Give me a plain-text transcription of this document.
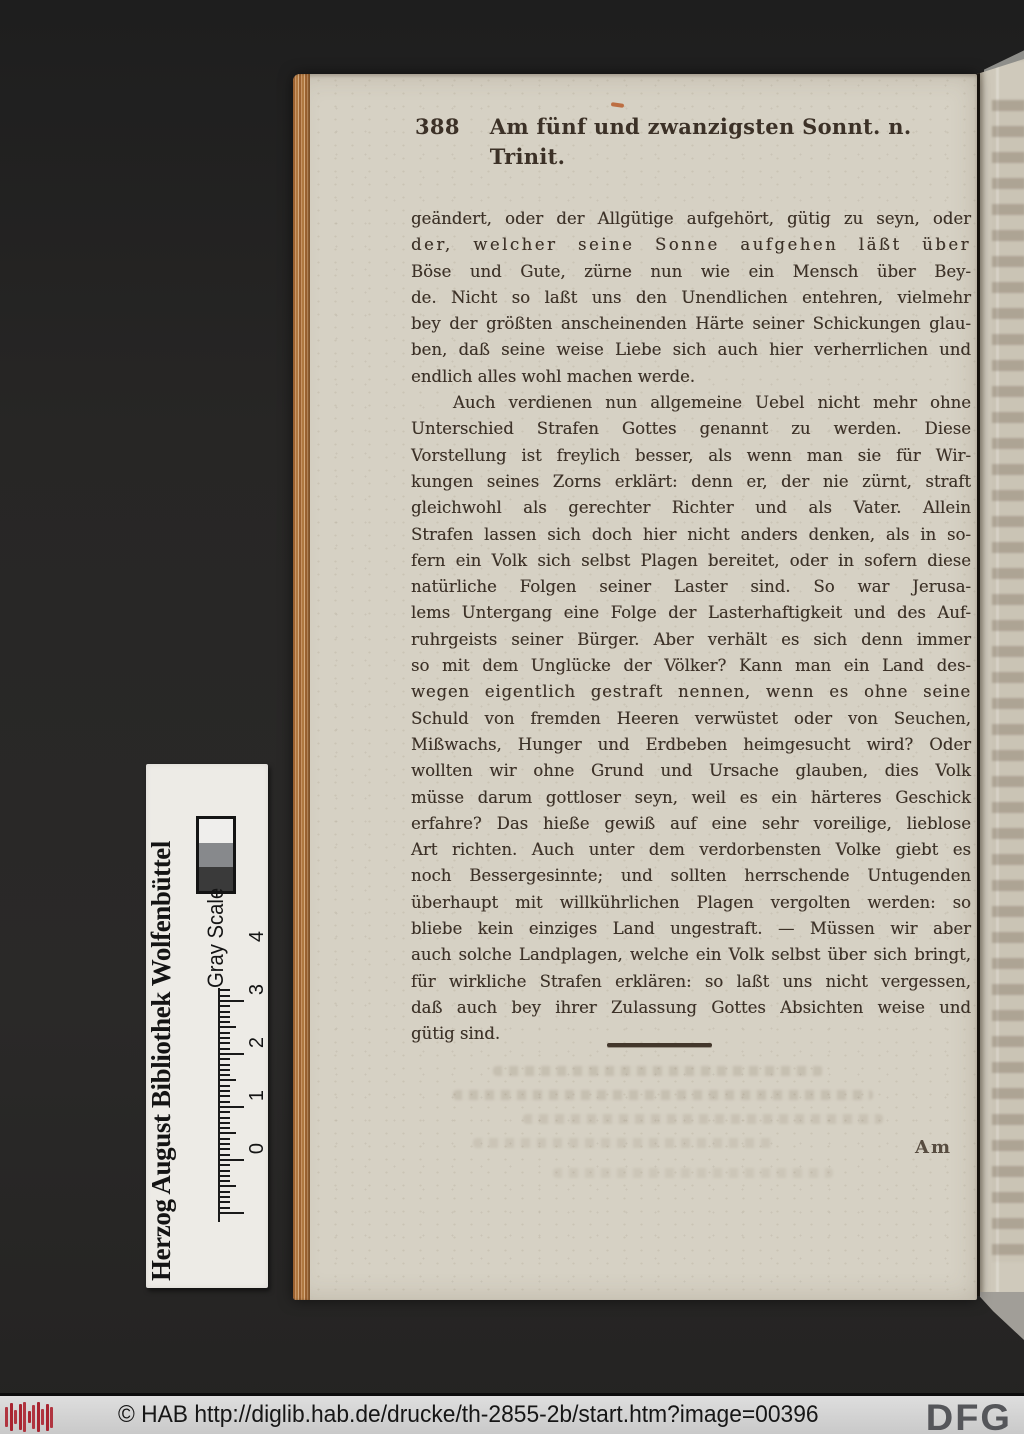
388 Am fünf und zwanzigsten Sonnt. n. Trinit.
geändert, oder der Allgütige aufgehört, gütig zu seyn, oder
der, welcher seine Sonne aufgehen läßt über
Böse und Gute, zürne nun wie ein Mensch über Bey-
de. Nicht so laßt uns den Unendlichen entehren, vielmehr
bey der größten anscheinenden Härte seiner Schickungen glau-
ben, daß seine weise Liebe sich auch hier verherrlichen und
endlich alles wohl machen werde.
Auch verdienen nun allgemeine Uebel nicht mehr ohne
Unterschied Strafen Gottes genannt zu werden. Diese
Vorstellung ist freylich besser, als wenn man sie für Wir-
kungen seines Zorns erklärt: denn er, der nie zürnt, straft
gleichwohl als gerechter Richter und als Vater. Allein
Strafen lassen sich doch hier nicht anders denken, als in so-
fern ein Volk sich selbst Plagen bereitet, oder in sofern diese
natürliche Folgen seiner Laster sind. So war Jerusa-
lems Untergang eine Folge der Lasterhaftigkeit und des Auf-
ruhrgeists seiner Bürger. Aber verhält es sich denn immer
so mit dem Unglücke der Völker? Kann man ein Land des-
wegen eigentlich gestraft nennen, wenn es ohne seine
Schuld von fremden Heeren verwüstet oder von Seuchen,
Mißwachs, Hunger und Erdbeben heimgesucht wird? Oder
wollten wir ohne Grund und Ursache glauben, dies Volk
müsse darum gottloser seyn, weil es ein härteres Geschick
erfahre? Das hieße gewiß auf eine sehr voreilige, lieblose
Art richten. Auch unter dem verdorbensten Volke giebt es
noch Bessergesinnte; und sollten herrschende Untugenden
überhaupt mit willkührlichen Plagen vergolten werden: so
bliebe kein einziges Land ungestraft. — Müssen wir aber
auch solche Landplagen, welche ein Volk selbst über sich bringt,
für wirkliche Strafen erklären: so laßt uns nicht vergessen,
daß auch bey ihrer Zulassung Gottes Absichten weise und
gütig sind.
Am
Herzog August Bibliothek Wolfenbüttel Gray Scale
0
1
2
3
4
© HAB http://diglib.hab.de/drucke/th-2855-2b/start.htm?image=00396	DFG
